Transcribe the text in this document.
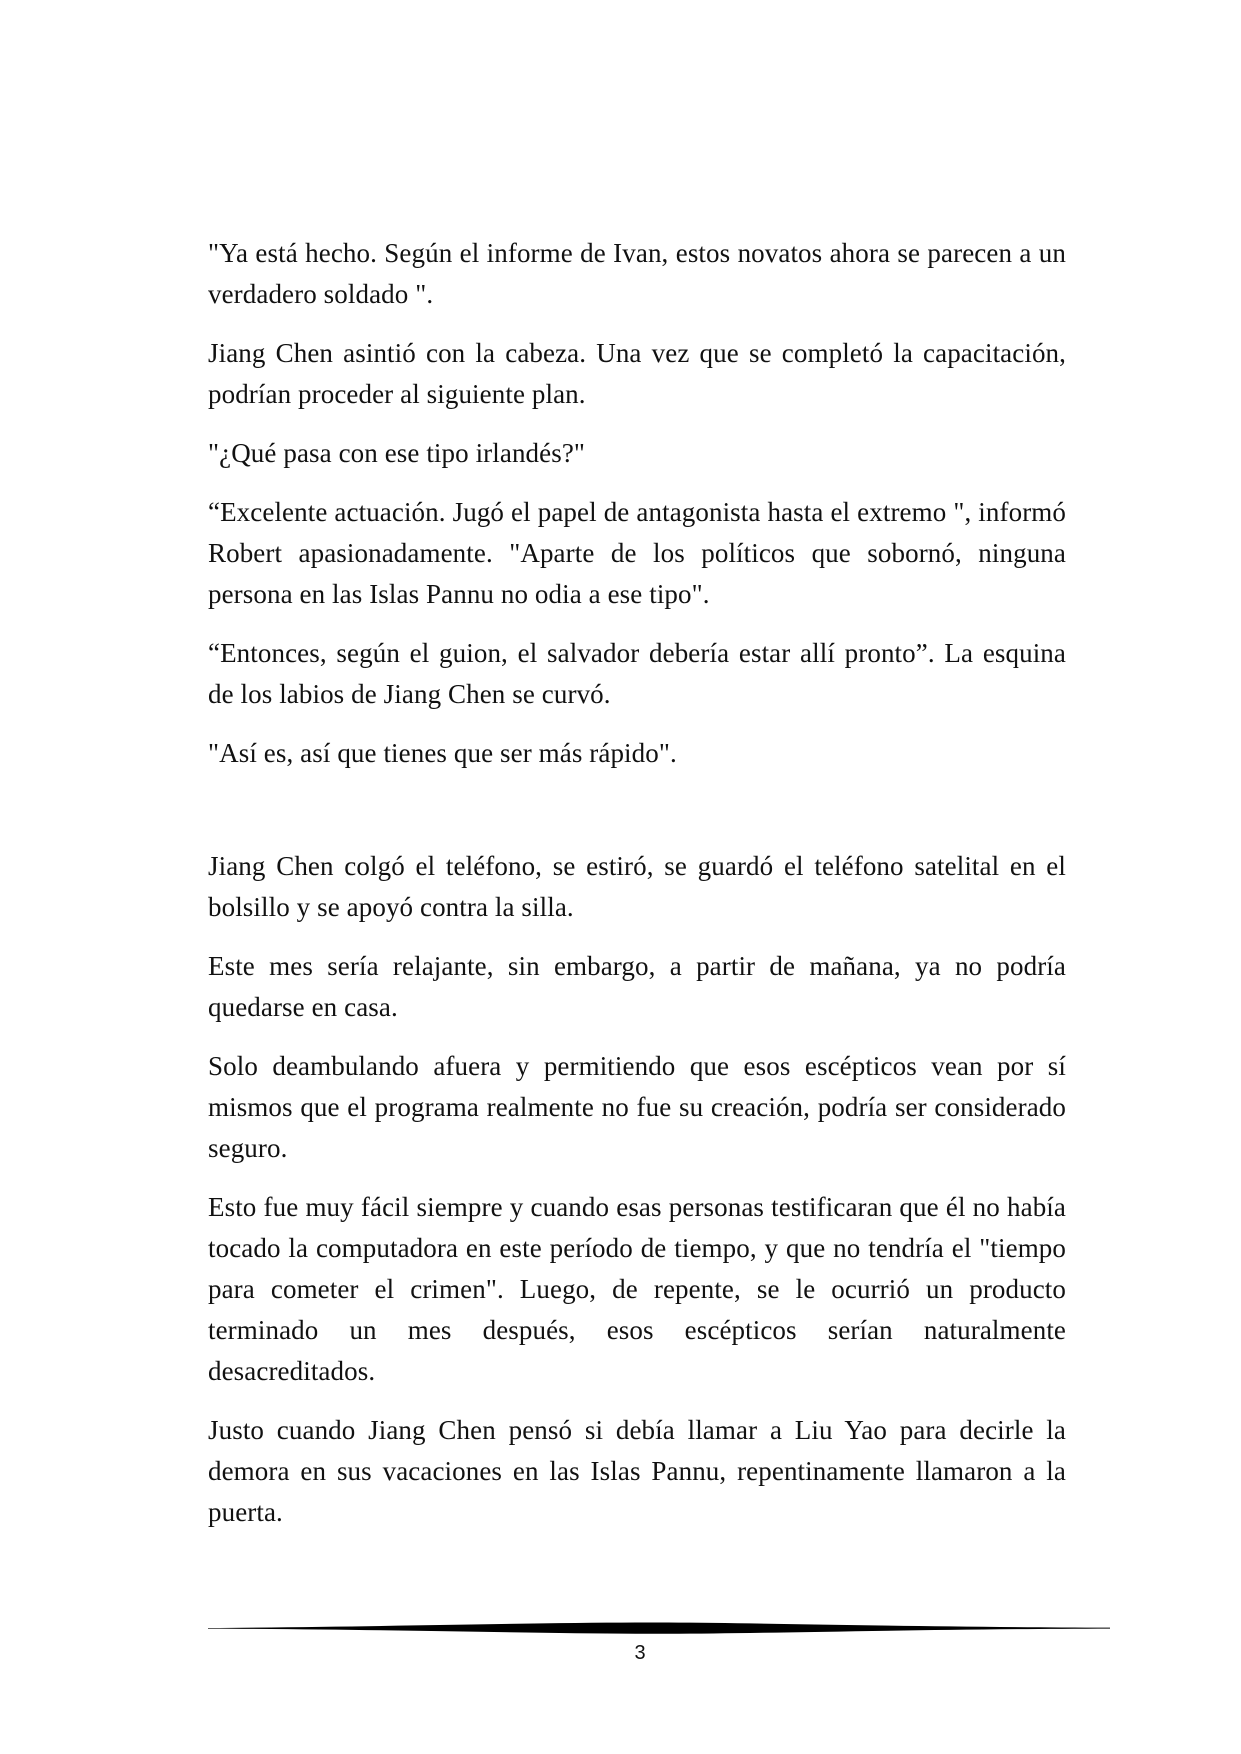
"Ya está hecho. Según el informe de Ivan, estos novatos ahora se parecen a un verdadero soldado ".

Jiang Chen asintió con la cabeza. Una vez que se completó la capacitación, podrían proceder al siguiente plan.

"¿Qué pasa con ese tipo irlandés?"

“Excelente actuación. Jugó el papel de antagonista hasta el extremo ", informó Robert apasionadamente. "Aparte de los políticos que sobornó, ninguna persona en las Islas Pannu no odia a ese tipo".

“Entonces, según el guion, el salvador debería estar allí pronto”. La esquina de los labios de Jiang Chen se curvó.

"Así es, así que tienes que ser más rápido".

Jiang Chen colgó el teléfono, se estiró, se guardó el teléfono satelital en el bolsillo y se apoyó contra la silla.

Este mes sería relajante, sin embargo, a partir de mañana, ya no podría quedarse en casa.

Solo deambulando afuera y permitiendo que esos escépticos vean por sí mismos que el programa realmente no fue su creación, podría ser considerado seguro.

Esto fue muy fácil siempre y cuando esas personas testificaran que él no había tocado la computadora en este período de tiempo, y que no tendría el "tiempo para cometer el crimen". Luego, de repente, se le ocurrió un producto terminado un mes después, esos escépticos serían naturalmente desacreditados.

Justo cuando Jiang Chen pensó si debía llamar a Liu Yao para decirle la demora en sus vacaciones en las Islas Pannu, repentinamente llamaron a la puerta.

3
